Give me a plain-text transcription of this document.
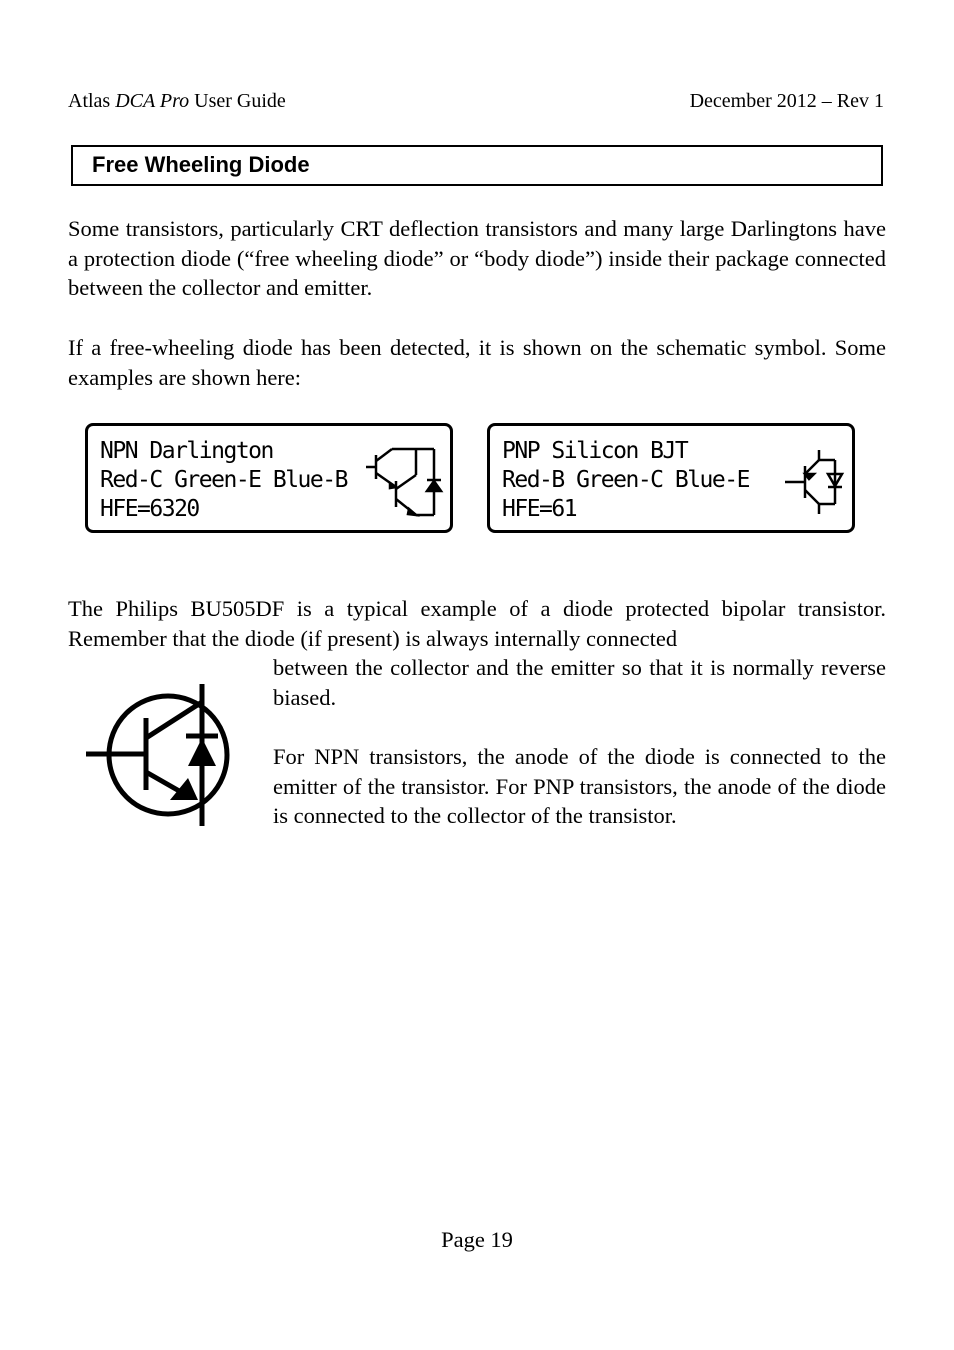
Atlas DCA Pro User Guide	December 2012 – Rev 1
Free Wheeling Diode
Some transistors, particularly CRT deflection transistors and many large Darlingtons have a protection diode (“free wheeling diode” or “body diode”) inside their package connected between the collector and emitter.
If a free-wheeling diode has been detected, it is shown on the schematic symbol. Some examples are shown here:
NPN Darlington
Red-C Green-E Blue-B
HFE=6320
PNP Silicon BJT
Red-B Green-C Blue-E
HFE=61
The Philips BU505DF is a typical example of a diode protected bipolar transistor. Remember that the diode (if present) is always internally connected
between the collector and the emitter so that it is normally reverse biased.
For NPN transistors, the anode of the diode is connected to the emitter of the transistor. For PNP transistors, the anode of the diode is connected to the collector of the transistor.
Page 19
